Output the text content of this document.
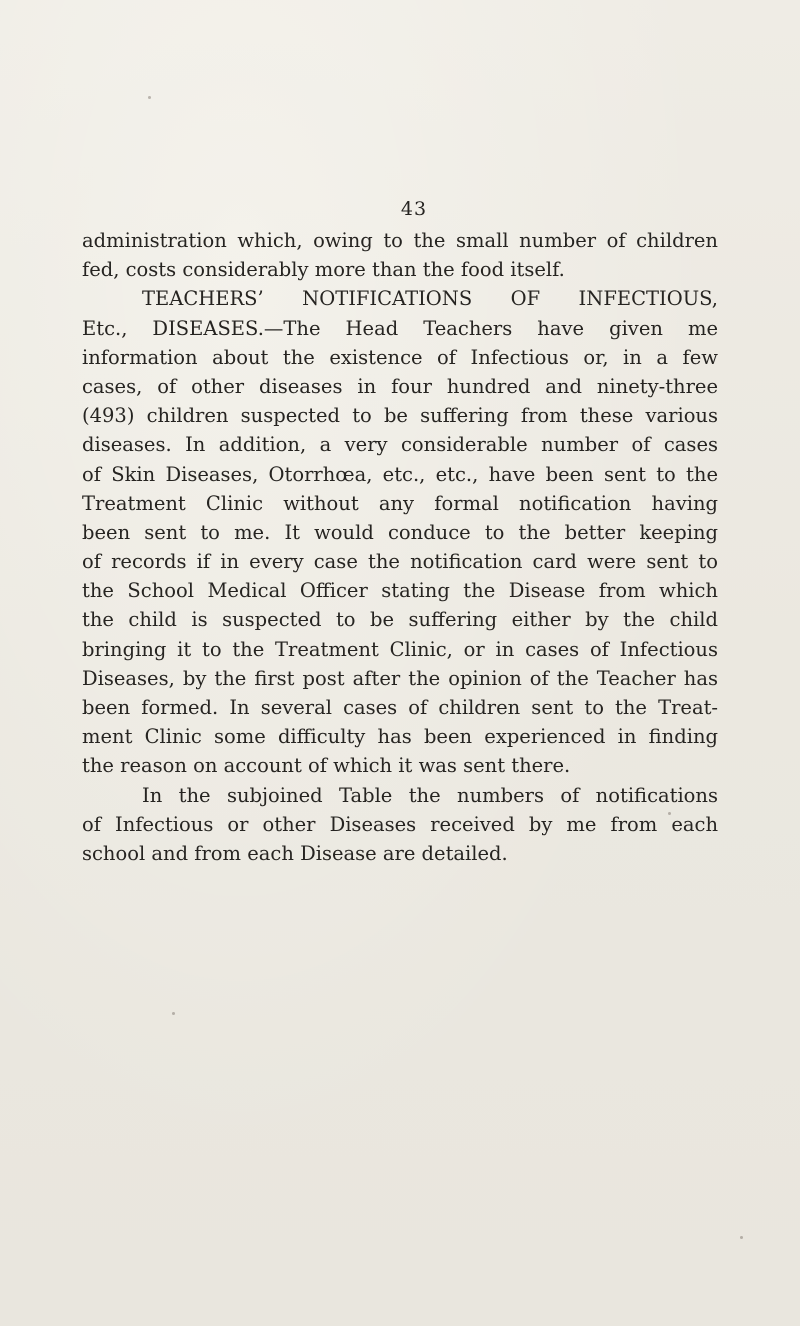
43
administration which, owing to the small number of children
fed, costs considerably more than the food itself.
TEACHERS’ NOTIFICATIONS OF INFECTIOUS,
Etc., DISEASES.—The Head Teachers have given me
information about the existence of Infectious or, in a few
cases, of other diseases in four hundred and ninety-three
(493) children suspected to be suffering from these various
diseases. In addition, a very considerable number of cases
of Skin Diseases, Otorrhœa, etc., etc., have been sent to the
Treatment Clinic without any formal notification having
been sent to me. It would conduce to the better keeping
of records if in every case the notification card were sent to
the School Medical Officer stating the Disease from which
the child is suspected to be suffering either by the child
bringing it to the Treatment Clinic, or in cases of Infectious
Diseases, by the first post after the opinion of the Teacher has
been formed. In several cases of children sent to the Treat-
ment Clinic some difficulty has been experienced in finding
the reason on account of which it was sent there.
In the subjoined Table the numbers of notifications
of Infectious or other Diseases received by me from each
school and from each Disease are detailed.
